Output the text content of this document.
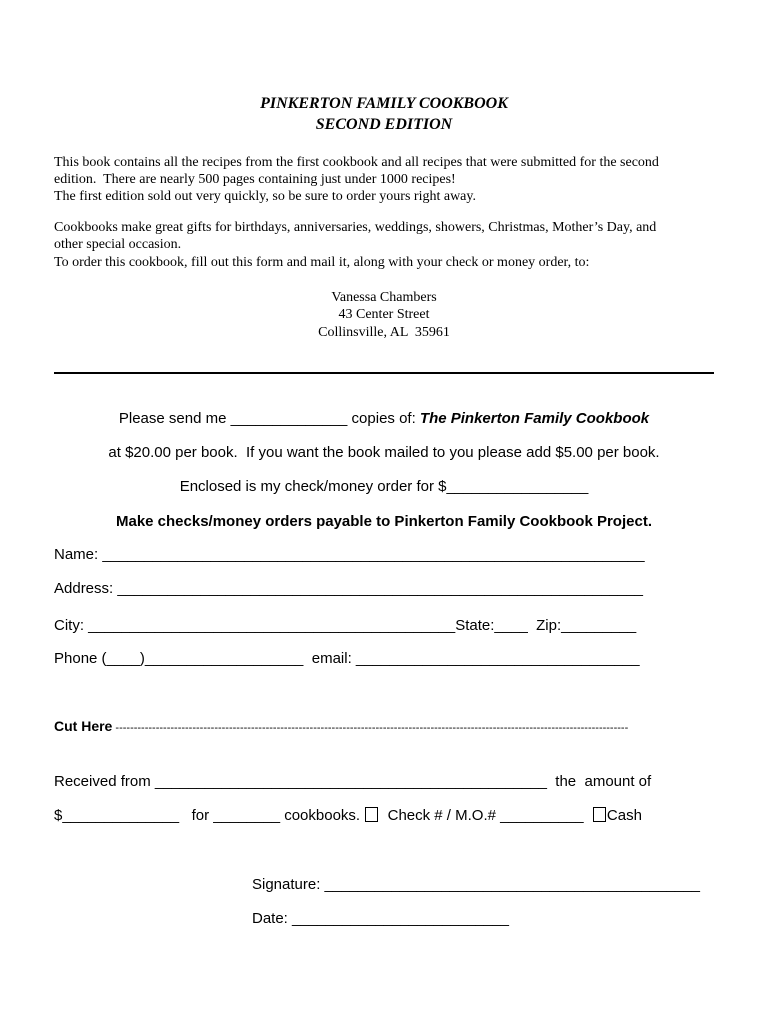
PINKERTON FAMILY COOKBOOK
SECOND EDITION
This book contains all the recipes from the first cookbook and all recipes that were submitted for the second
edition.  There are nearly 500 pages containing just under 1000 recipes!
The first edition sold out very quickly, so be sure to order yours right away.
Cookbooks make great gifts for birthdays, anniversaries, weddings, showers, Christmas, Mother’s Day, and
other special occasion.
To order this cookbook, fill out this form and mail it, along with your check or money order, to:
Vanessa Chambers
43 Center Street
Collinsville, AL  35961
Please send me ______________ copies of: The Pinkerton Family Cookbook
at $20.00 per book.  If you want the book mailed to you please add $5.00 per book.
Enclosed is my check/money order for $_________________
Make checks/money orders payable to Pinkerton Family Cookbook Project.
Name: _________________________________________________________________
Address: _______________________________________________________________
City: ____________________________________________State:____  Zip:_________
Phone (____)___________________  email: __________________________________
Cut Here --------------------------------------------------------------------------------------------------------------------------------------------
Received from _______________________________________________  the  amount of
$______________   for ________ cookbooks. Check # / M.O.# __________ Cash
Signature: _____________________________________________
Date: __________________________
